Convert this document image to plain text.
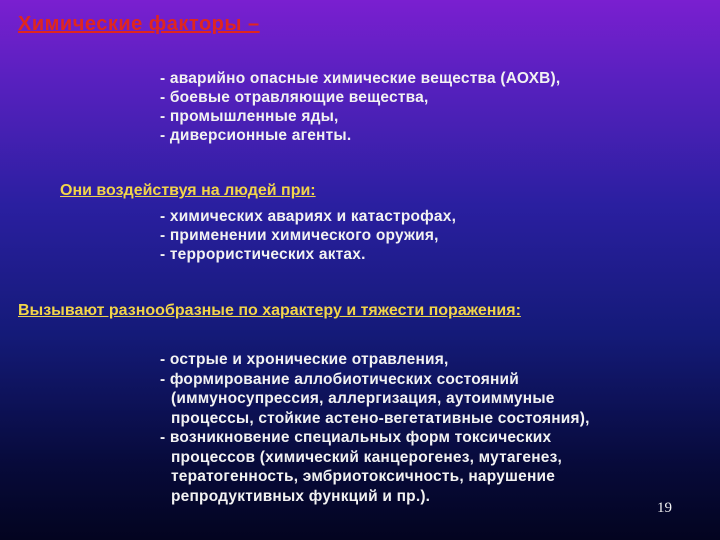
Химические факторы –
- аварийно опасные химические вещества (АОХВ),
- боевые отравляющие вещества,
- промышленные яды,
- диверсионные агенты.
Они воздействуя на людей при:
- химических авариях и катастрофах,
- применении химического оружия,
- террористических актах.
Вызывают разнообразные по характеру и тяжести поражения:
- острые и хронические отравления,
- формирование аллобиотических состояний
(иммуносупрессия, аллергизация, аутоиммуные
процессы, стойкие астено-вегетативные состояния),
- возникновение специальных форм токсических
процессов (химический канцерогенез, мутагенез,
тератогенность, эмбриотоксичность, нарушение
репродуктивных функций и пр.).
19
